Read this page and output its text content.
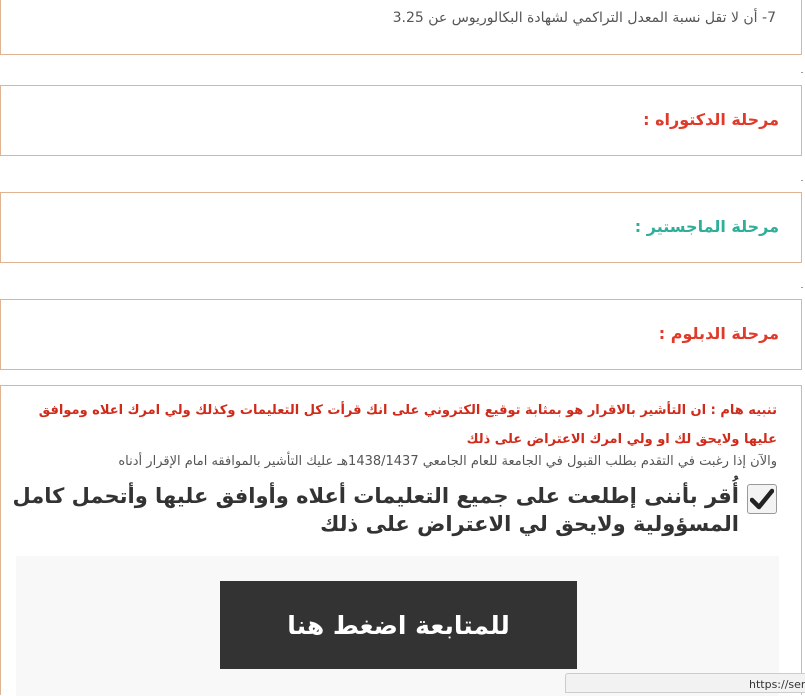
7- أن لا تقل نسبة المعدل التراكمي لشهادة البكالوريوس عن 3.25
مرحلة الدكتوراه :
مرحلة الماجستير :
مرحلة الدبلوم :
تنبيه هام : ان التأشير بالاقرار هو بمثابة توقيع الكتروني على انك قرأت كل التعليمات وكذلك ولي امرك اعلاه وموافق عليها ولايحق لك او ولي امرك الاعتراض على ذلك
والآن إذا رغبت في التقدم بطلب القبول في الجامعة للعام الجامعي 1438/1437هـ عليك التأشير بالموافقه امام الإقرار أدناه
أُقر بأننى إطلعت على جميع التعليمات أعلاه وأوافق عليها وأتحمل كامل المسؤولية ولايحق لي الاعتراض على ذلك
للمتابعة اضغط هنا
https://ser
